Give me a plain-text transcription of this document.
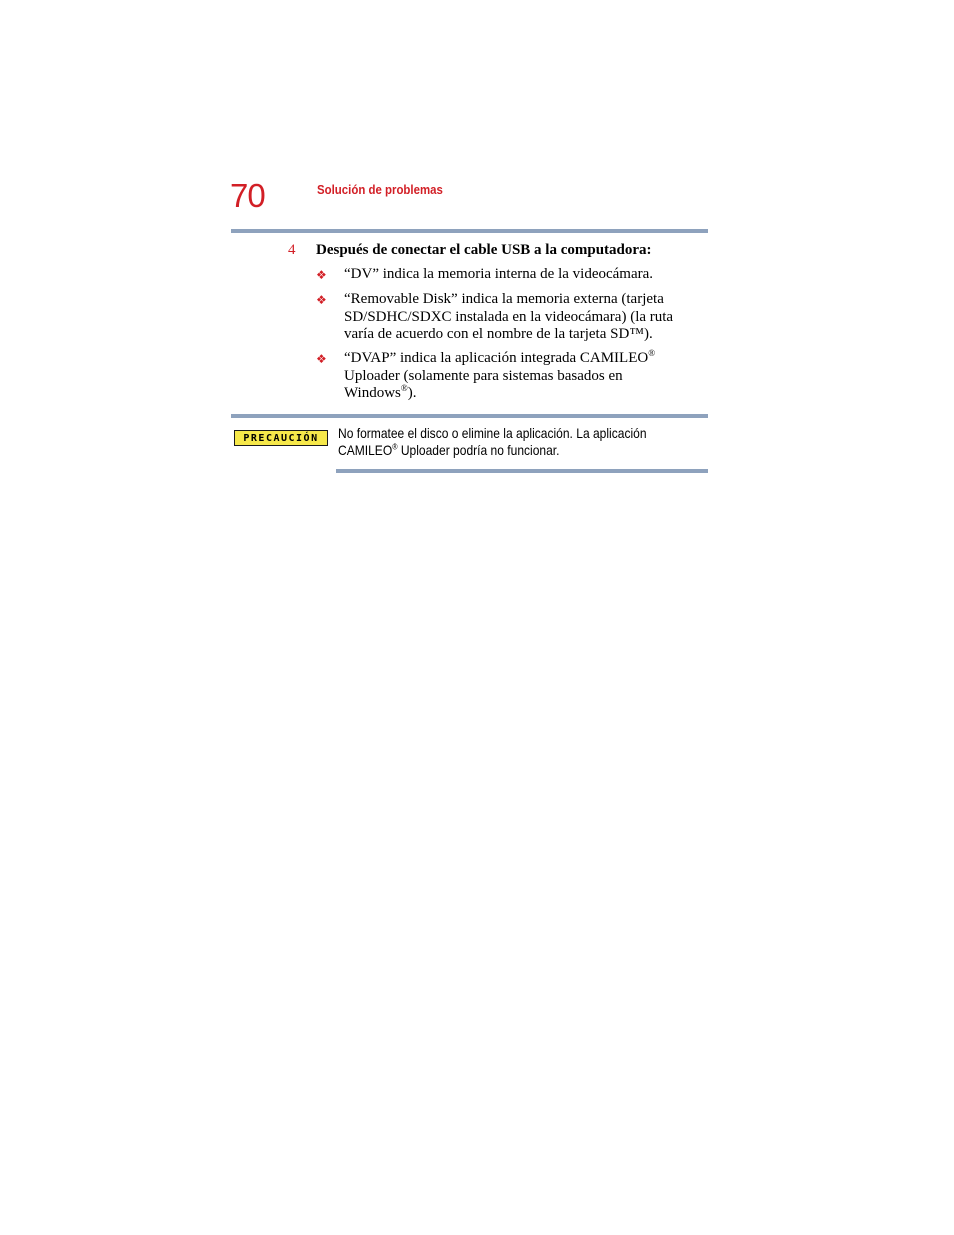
70	Solución de problemas
4 Después de conectar el cable USB a la computadora:
❖ “DV” indica la memoria interna de la videocámara.
❖ “Removable Disk” indica la memoria externa (tarjeta SD/SDHC/SDXC instalada en la videocámara) (la ruta varía de acuerdo con el nombre de la tarjeta SD™).
❖ “DVAP” indica la aplicación integrada CAMILEO® Uploader (solamente para sistemas basados en Windows®).
PRECAUCIÓN	No formatee el disco o elimine la aplicación. La aplicación CAMILEO® Uploader podría no funcionar.
